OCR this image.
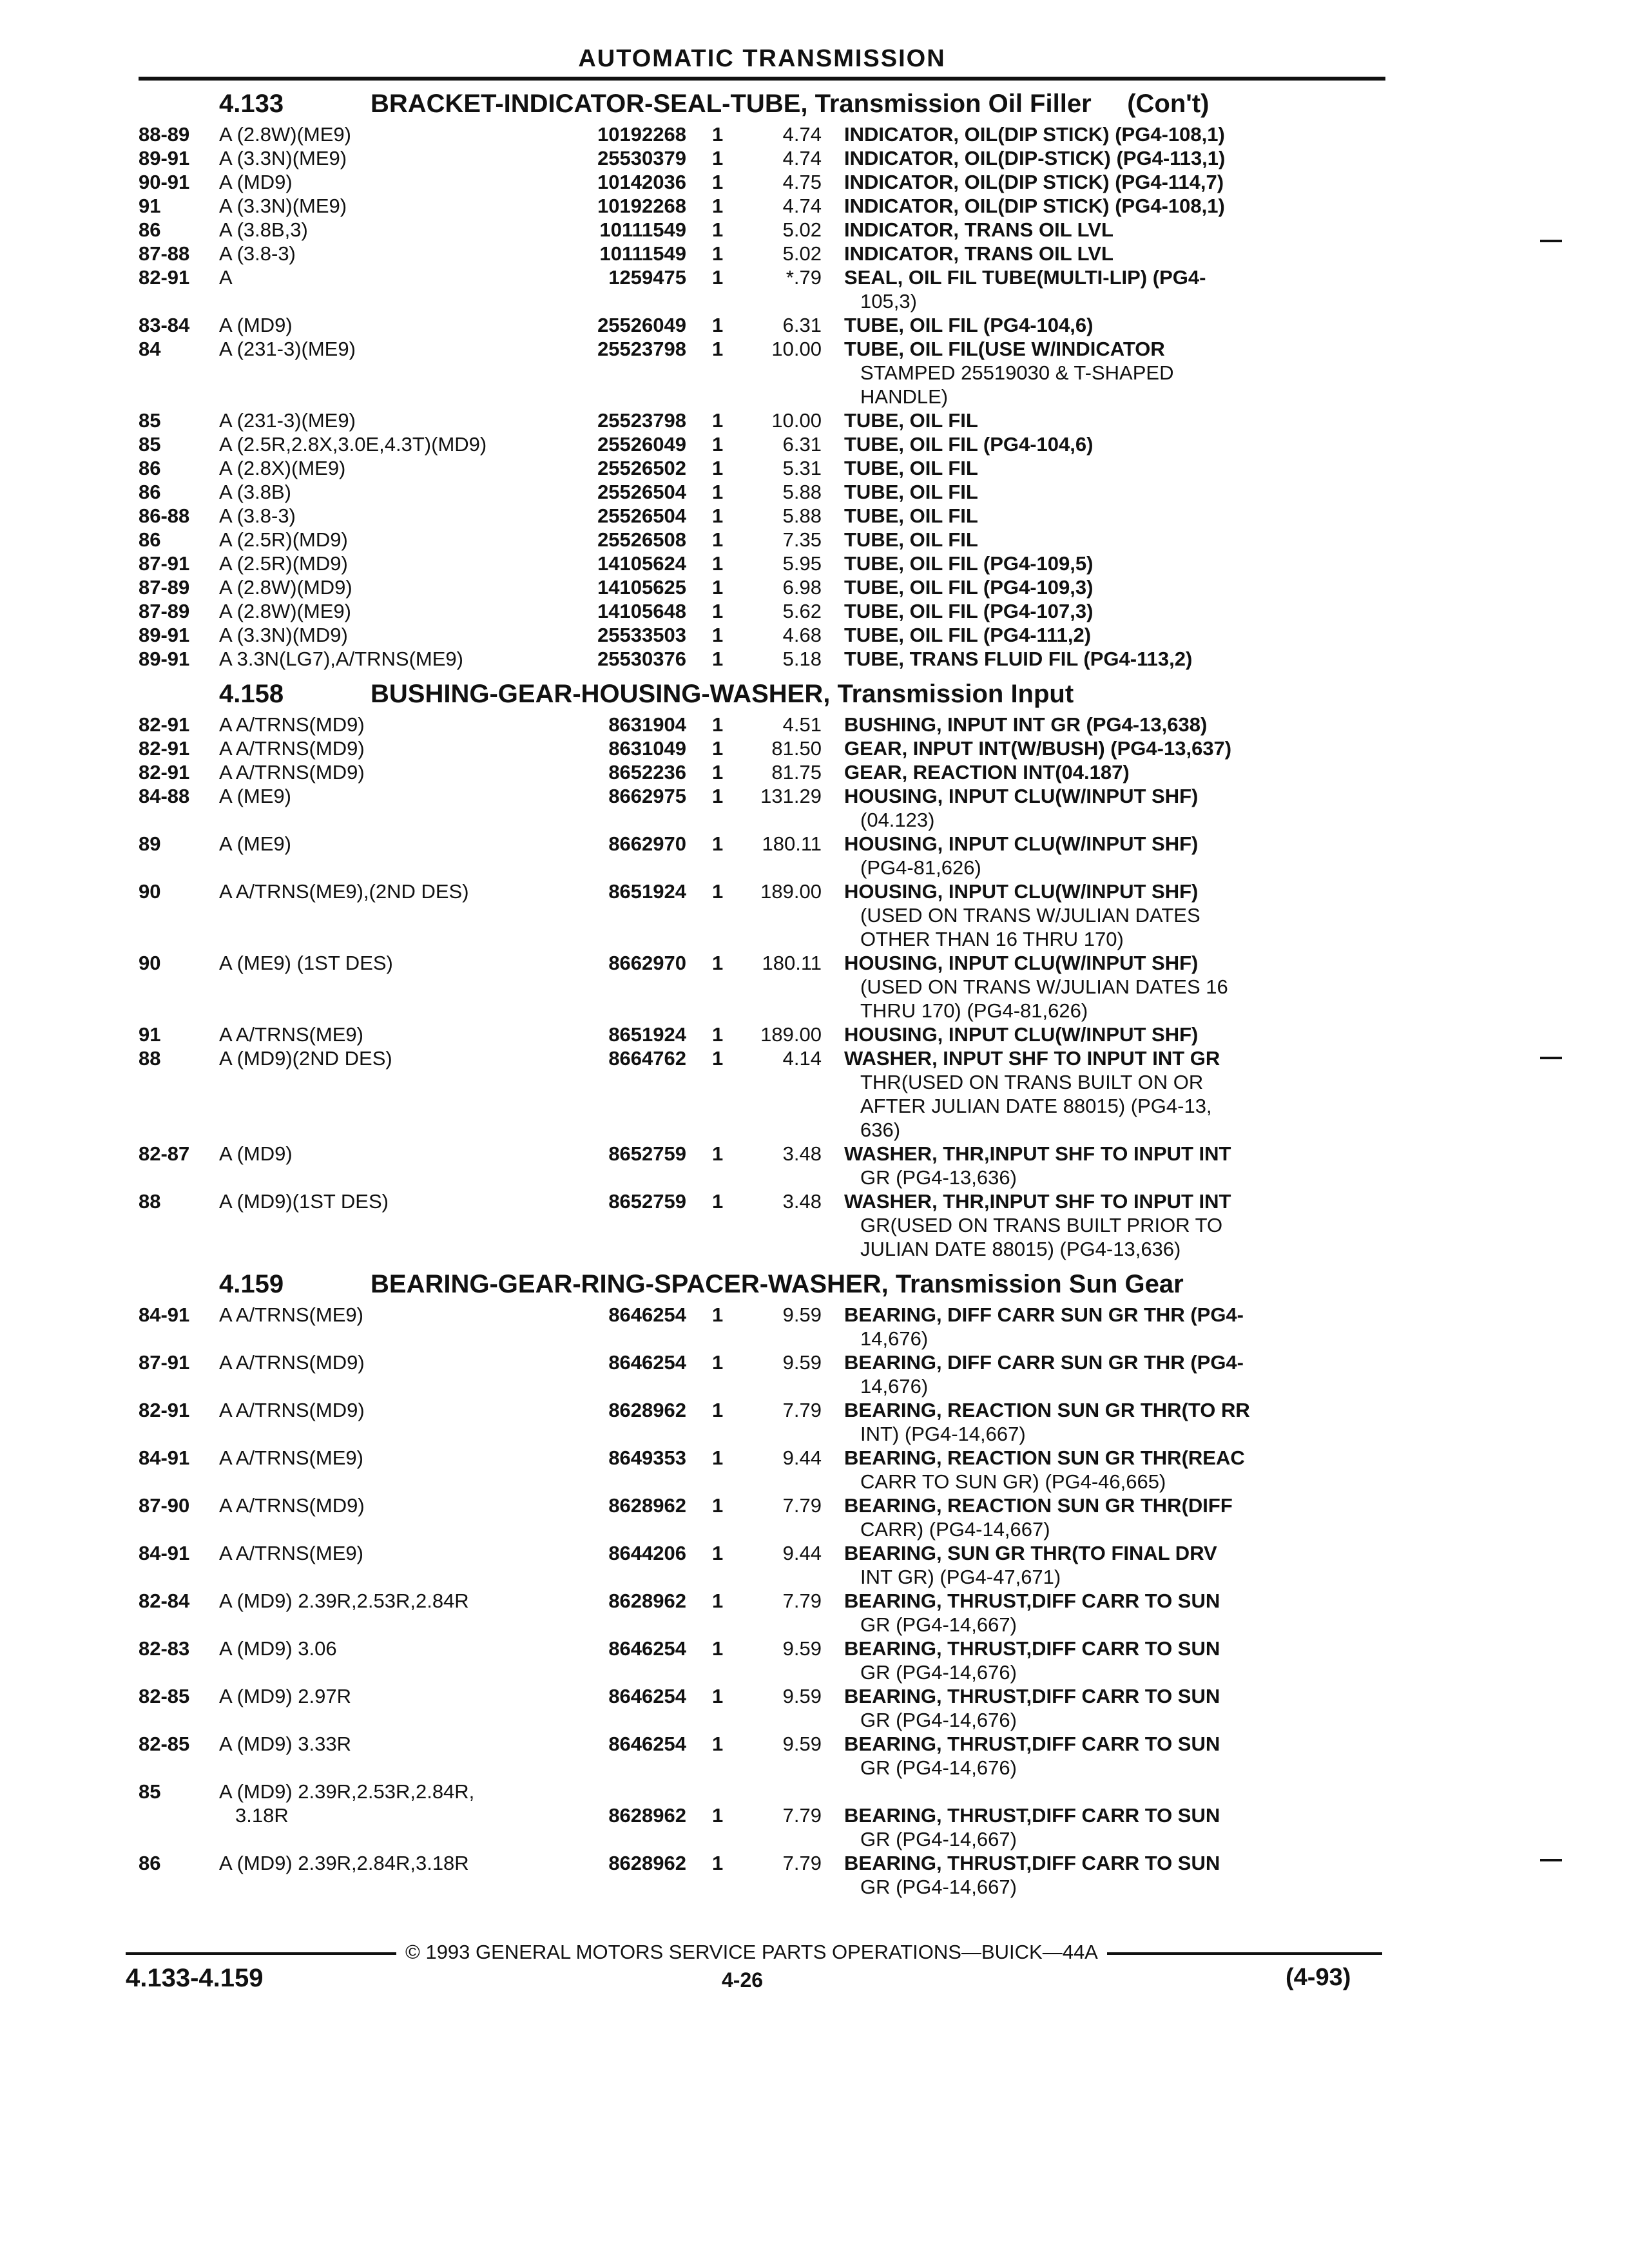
AUTOMATIC TRANSMISSION
4.133	BRACKET-INDICATOR-SEAL-TUBE, Transmission Oil Filler     (Con't)
88-89	A (2.8W)(ME9)	10192268	1	4.74	INDICATOR, OIL(DIP STICK) (PG4-108,1)
89-91	A (3.3N)(ME9)	25530379	1	4.74	INDICATOR, OIL(DIP-STICK) (PG4-113,1)
90-91	A (MD9)	10142036	1	4.75	INDICATOR, OIL(DIP STICK) (PG4-114,7)
91	A (3.3N)(ME9)	10192268	1	4.74	INDICATOR, OIL(DIP STICK) (PG4-108,1)
86	A (3.8B,3)	10111549	1	5.02	INDICATOR, TRANS OIL LVL
87-88	A (3.8-3)	10111549	1	5.02	INDICATOR, TRANS OIL LVL
82-91	A	1259475	1	*.79	SEAL, OIL FIL TUBE(MULTI-LIP) (PG4-
105,3)
83-84	A (MD9)	25526049	1	6.31	TUBE, OIL FIL (PG4-104,6)
84	A (231-3)(ME9)	25523798	1	10.00	TUBE, OIL FIL(USE W/INDICATOR
STAMPED 25519030 & T-SHAPED
HANDLE)
85	A (231-3)(ME9)	25523798	1	10.00	TUBE, OIL FIL
85	A (2.5R,2.8X,3.0E,4.3T)(MD9)	25526049	1	6.31	TUBE, OIL FIL (PG4-104,6)
86	A (2.8X)(ME9)	25526502	1	5.31	TUBE, OIL FIL
86	A (3.8B)	25526504	1	5.88	TUBE, OIL FIL
86-88	A (3.8-3)	25526504	1	5.88	TUBE, OIL FIL
86	A (2.5R)(MD9)	25526508	1	7.35	TUBE, OIL FIL
87-91	A (2.5R)(MD9)	14105624	1	5.95	TUBE, OIL FIL (PG4-109,5)
87-89	A (2.8W)(MD9)	14105625	1	6.98	TUBE, OIL FIL (PG4-109,3)
87-89	A (2.8W)(ME9)	14105648	1	5.62	TUBE, OIL FIL (PG4-107,3)
89-91	A (3.3N)(MD9)	25533503	1	4.68	TUBE, OIL FIL (PG4-111,2)
89-91	A 3.3N(LG7),A/TRNS(ME9)	25530376	1	5.18	TUBE, TRANS FLUID FIL (PG4-113,2)
4.158	BUSHING-GEAR-HOUSING-WASHER, Transmission Input
82-91	A A/TRNS(MD9)	8631904	1	4.51	BUSHING, INPUT INT GR (PG4-13,638)
82-91	A A/TRNS(MD9)	8631049	1	81.50	GEAR, INPUT INT(W/BUSH) (PG4-13,637)
82-91	A A/TRNS(MD9)	8652236	1	81.75	GEAR, REACTION INT(04.187)
84-88	A (ME9)	8662975	1	131.29	HOUSING, INPUT CLU(W/INPUT SHF)
(04.123)
89	A (ME9)	8662970	1	180.11	HOUSING, INPUT CLU(W/INPUT SHF)
(PG4-81,626)
90	A A/TRNS(ME9),(2ND DES)	8651924	1	189.00	HOUSING, INPUT CLU(W/INPUT SHF)
(USED ON TRANS W/JULIAN DATES
OTHER THAN 16 THRU 170)
90	A (ME9) (1ST DES)	8662970	1	180.11	HOUSING, INPUT CLU(W/INPUT SHF)
(USED ON TRANS W/JULIAN DATES 16
THRU 170) (PG4-81,626)
91	A A/TRNS(ME9)	8651924	1	189.00	HOUSING, INPUT CLU(W/INPUT SHF)
88	A (MD9)(2ND DES)	8664762	1	4.14	WASHER, INPUT SHF TO INPUT INT GR
THR(USED ON TRANS BUILT ON OR
AFTER JULIAN DATE 88015) (PG4-13,
636)
82-87	A (MD9)	8652759	1	3.48	WASHER, THR,INPUT SHF TO INPUT INT
GR (PG4-13,636)
88	A (MD9)(1ST DES)	8652759	1	3.48	WASHER, THR,INPUT SHF TO INPUT INT
GR(USED ON TRANS BUILT PRIOR TO
JULIAN DATE 88015) (PG4-13,636)
4.159	BEARING-GEAR-RING-SPACER-WASHER, Transmission Sun Gear
84-91	A A/TRNS(ME9)	8646254	1	9.59	BEARING, DIFF CARR SUN GR THR (PG4-
14,676)
87-91	A A/TRNS(MD9)	8646254	1	9.59	BEARING, DIFF CARR SUN GR THR (PG4-
14,676)
82-91	A A/TRNS(MD9)	8628962	1	7.79	BEARING, REACTION SUN GR THR(TO RR
INT) (PG4-14,667)
84-91	A A/TRNS(ME9)	8649353	1	9.44	BEARING, REACTION SUN GR THR(REAC
CARR TO SUN GR) (PG4-46,665)
87-90	A A/TRNS(MD9)	8628962	1	7.79	BEARING, REACTION SUN GR THR(DIFF
CARR) (PG4-14,667)
84-91	A A/TRNS(ME9)	8644206	1	9.44	BEARING, SUN GR THR(TO FINAL DRV
INT GR) (PG4-47,671)
82-84	A (MD9) 2.39R,2.53R,2.84R	8628962	1	7.79	BEARING, THRUST,DIFF CARR TO SUN
GR (PG4-14,667)
82-83	A (MD9) 3.06	8646254	1	9.59	BEARING, THRUST,DIFF CARR TO SUN
GR (PG4-14,676)
82-85	A (MD9) 2.97R	8646254	1	9.59	BEARING, THRUST,DIFF CARR TO SUN
GR (PG4-14,676)
82-85	A (MD9) 3.33R	8646254	1	9.59	BEARING, THRUST,DIFF CARR TO SUN
GR (PG4-14,676)
85	A (MD9) 2.39R,2.53R,2.84R,
3.18R	8628962	1	7.79	BEARING, THRUST,DIFF CARR TO SUN
GR (PG4-14,667)
86	A (MD9) 2.39R,2.84R,3.18R	8628962	1	7.79	BEARING, THRUST,DIFF CARR TO SUN
GR (PG4-14,667)
© 1993 GENERAL MOTORS SERVICE PARTS OPERATIONS—BUICK—44A
4.133-4.159	4-26	(4-93)
